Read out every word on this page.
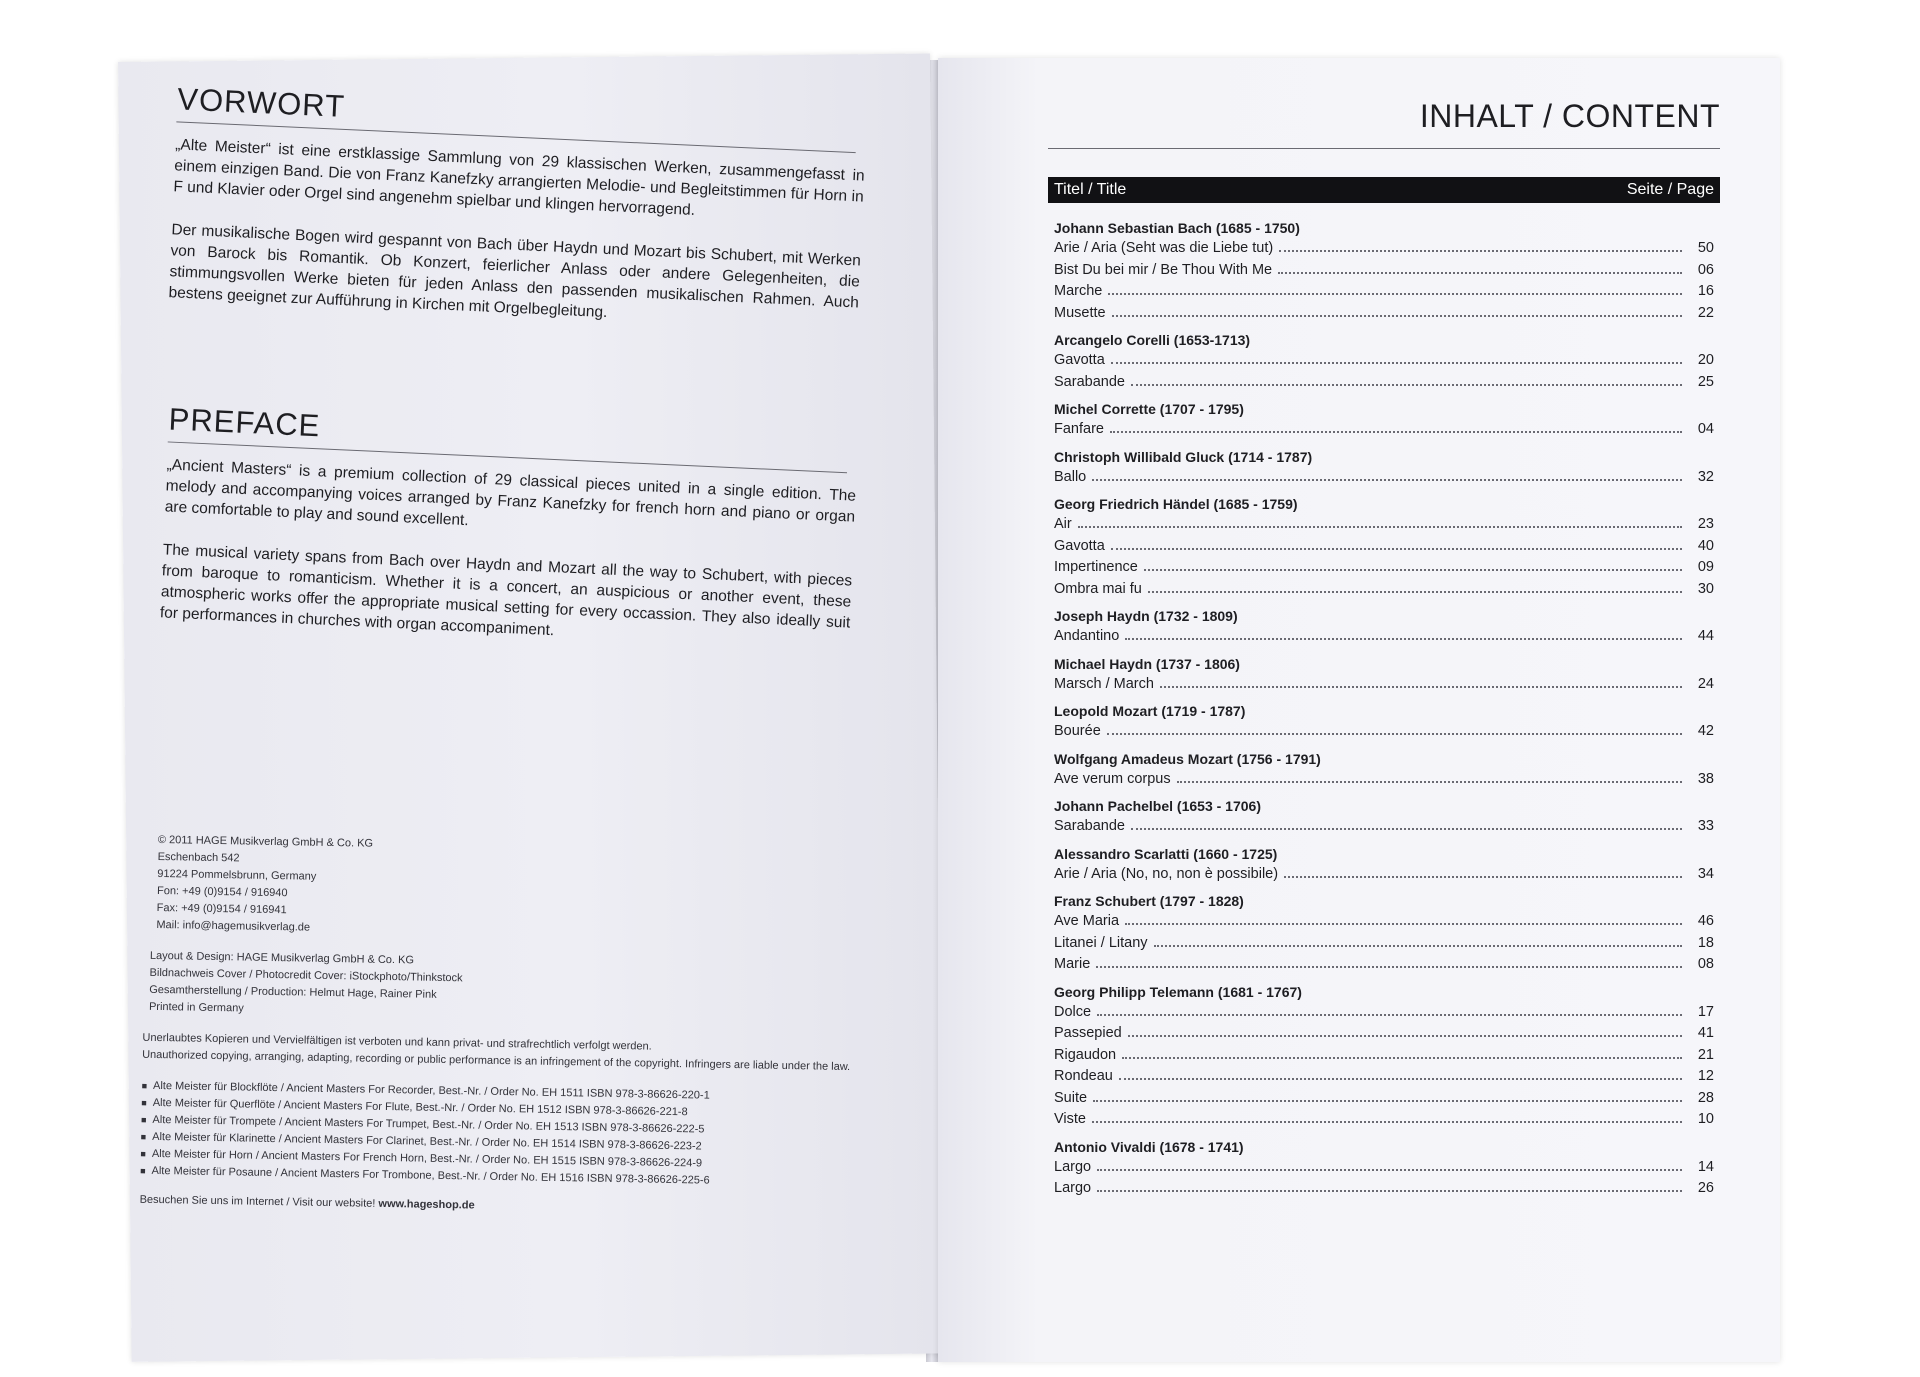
VORWORT

„Alte Meister“ ist eine erstklassige Sammlung von 29 klassischen Werken, zusammengefasst in einem einzigen Band. Die von Franz Kanefzky arrangierten Melodie- und Begleitstimmen für Horn in F und Klavier oder Orgel sind angenehm spielbar und klingen hervorragend.

Der musikalische Bogen wird gespannt von Bach über Haydn und Mozart bis Schubert, mit Werken von Barock bis Romantik. Ob Konzert, feierlicher Anlass oder andere Gelegenheiten, die stimmungsvollen Werke bieten für jeden Anlass den passenden musikalischen Rahmen. Auch bestens geeignet zur Aufführung in Kirchen mit Orgelbegleitung.

PREFACE

„Ancient Masters“ is a premium collection of 29 classical pieces united in a single edition. The melody and accompanying voices arranged by Franz Kanefzky for french horn and piano or organ are comfortable to play and sound excellent.

The musical variety spans from Bach over Haydn and Mozart all the way to Schubert, with pieces from baroque to romanticism. Whether it is a concert, an auspicious or another event, these atmospheric works offer the appropriate musical setting for every occassion. They also ideally suit for performances in churches with organ accompaniment.

© 2011 HAGE Musikverlag GmbH & Co. KG
Eschenbach 542
91224 Pommelsbrunn, Germany
Fon: +49 (0)9154 / 916940
Fax: +49 (0)9154 / 916941
Mail: info@hagemusikverlag.de
Layout & Design: HAGE Musikverlag GmbH & Co. KG
Bildnachweis Cover / Photocredit Cover: iStockphoto/Thinkstock
Gesamtherstellung / Production: Helmut Hage, Rainer Pink
Printed in Germany
Unerlaubtes Kopieren und Vervielfältigen ist verboten und kann privat- und strafrechtlich verfolgt werden.
Unauthorized copying, arranging, adapting, recording or public performance is an infringement of the copyright. Infringers are liable under the law.
■ Alte Meister für Blockflöte / Ancient Masters For Recorder, Best.-Nr. / Order No. EH 1511 ISBN 978-3-86626-220-1
■ Alte Meister für Querflöte / Ancient Masters For Flute, Best.-Nr. / Order No. EH 1512 ISBN 978-3-86626-221-8
■ Alte Meister für Trompete / Ancient Masters For Trumpet, Best.-Nr. / Order No. EH 1513 ISBN 978-3-86626-222-5
■ Alte Meister für Klarinette / Ancient Masters For Clarinet, Best.-Nr. / Order No. EH 1514 ISBN 978-3-86626-223-2
■ Alte Meister für Horn / Ancient Masters For French Horn, Best.-Nr. / Order No. EH 1515 ISBN 978-3-86626-224-9
■ Alte Meister für Posaune / Ancient Masters For Trombone, Best.-Nr. / Order No. EH 1516 ISBN 978-3-86626-225-6
Besuchen Sie uns im Internet / Visit our website! www.hageshop.de
INHALT / CONTENT
Titel / Title	Seite / Page
Johann Sebastian Bach (1685 - 1750)
Arie / Aria (Seht was die Liebe tut)	50
Bist Du bei mir / Be Thou With Me	06
Marche	16
Musette	22
Arcangelo Corelli (1653-1713)
Gavotta	20
Sarabande	25
Michel Corrette (1707 - 1795)
Fanfare	04
Christoph Willibald Gluck (1714 - 1787)
Ballo	32
Georg Friedrich Händel (1685 - 1759)
Air	23
Gavotta	40
Impertinence	09
Ombra mai fu	30
Joseph Haydn (1732 - 1809)
Andantino	44
Michael Haydn (1737 - 1806)
Marsch / March	24
Leopold Mozart (1719 - 1787)
Bourée	42
Wolfgang Amadeus Mozart (1756 - 1791)
Ave verum corpus	38
Johann Pachelbel (1653 - 1706)
Sarabande	33
Alessandro Scarlatti (1660 - 1725)
Arie / Aria (No, no, non è possibile)	34
Franz Schubert (1797 - 1828)
Ave Maria	46
Litanei / Litany	18
Marie	08
Georg Philipp Telemann (1681 - 1767)
Dolce	17
Passepied	41
Rigaudon	21
Rondeau	12
Suite	28
Viste	10
Antonio Vivaldi (1678 - 1741)
Largo	14
Largo	26
